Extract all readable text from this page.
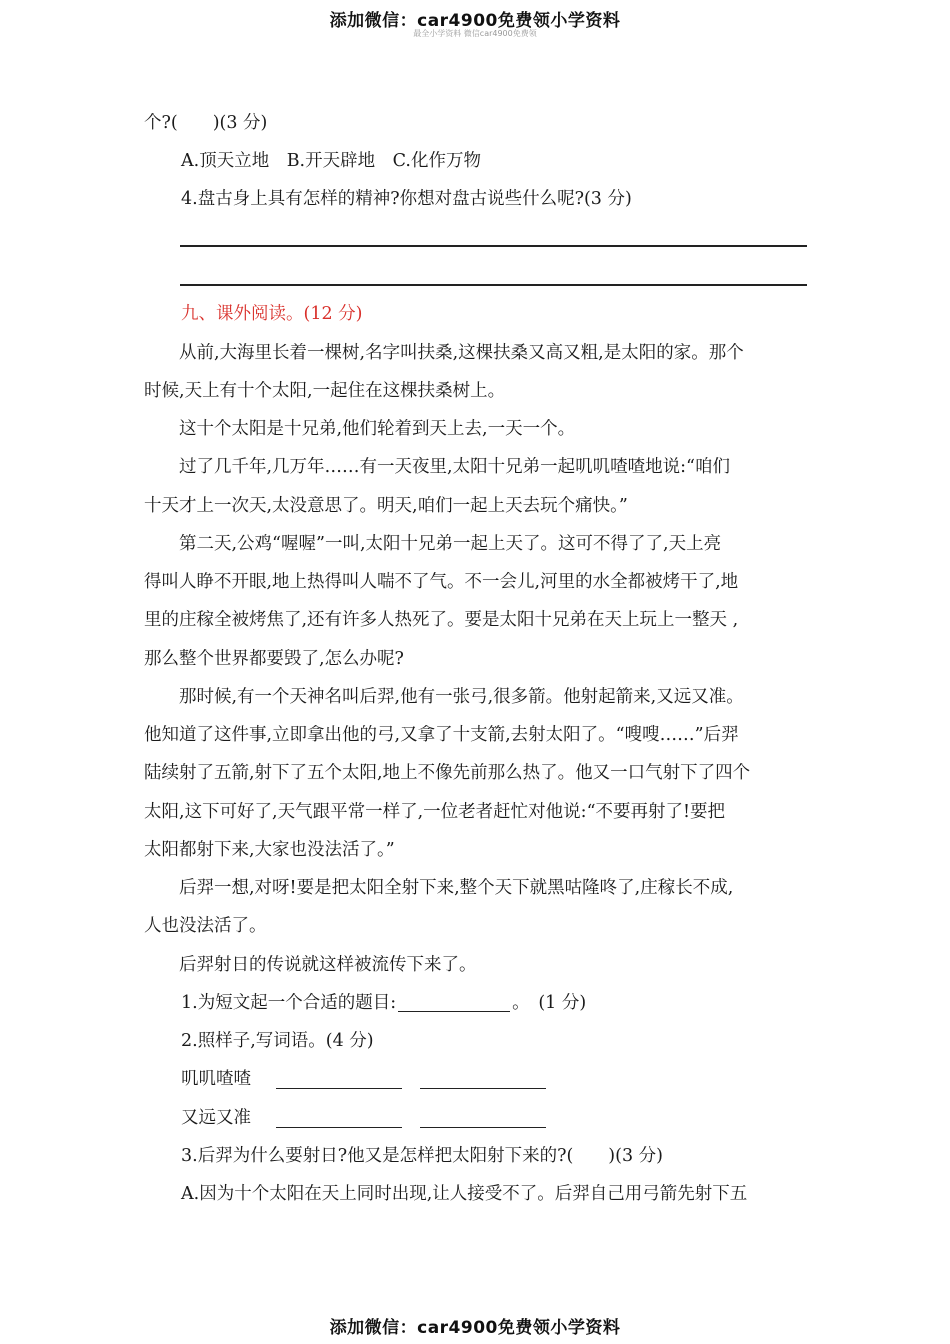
添加微信：car4900免费领小学资料
最全小学资料 微信car4900免费领
个?(　　)(3 分)
A.顶天立地　B.开天辟地　C.化作万物
4.盘古身上具有怎样的精神?你想对盘古说些什么呢?(3 分)
九、课外阅读。(12 分)
　　从前,大海里长着一棵树,名字叫扶桑,这棵扶桑又高又粗,是太阳的家。那个
时候,天上有十个太阳,一起住在这棵扶桑树上。
　　这十个太阳是十兄弟,他们轮着到天上去,一天一个。
　　过了几千年,几万年……有一天夜里,太阳十兄弟一起叽叽喳喳地说:“咱们
十天才上一次天,太没意思了。明天,咱们一起上天去玩个痛快。”
　　第二天,公鸡“喔喔”一叫,太阳十兄弟一起上天了。这可不得了了,天上亮
得叫人睁不开眼,地上热得叫人喘不了气。不一会儿,河里的水全都被烤干了,地
里的庄稼全被烤焦了,还有许多人热死了。要是太阳十兄弟在天上玩上一整天 ,
那么整个世界都要毁了,怎么办呢?
　　那时候,有一个天神名叫后羿,他有一张弓,很多箭。他射起箭来,又远又准。
他知道了这件事,立即拿出他的弓,又拿了十支箭,去射太阳了。“嗖嗖……”后羿
陆续射了五箭,射下了五个太阳,地上不像先前那么热了。他又一口气射下了四个
太阳,这下可好了,天气跟平常一样了,一位老者赶忙对他说:“不要再射了!要把
太阳都射下来,大家也没法活了。”
　　后羿一想,对呀!要是把太阳全射下来,整个天下就黑咕隆咚了,庄稼长不成,
人也没法活了。
　　后羿射日的传说就这样被流传下来了。
1.为短文起一个合适的题目:	。　(1 分)
2.照样子,写词语。(4 分)
叽叽喳喳
又远又准
3.后羿为什么要射日?他又是怎样把太阳射下来的?(　　)(3 分)
A.因为十个太阳在天上同时出现,让人接受不了。后羿自己用弓箭先射下五
添加微信：car4900免费领小学资料
